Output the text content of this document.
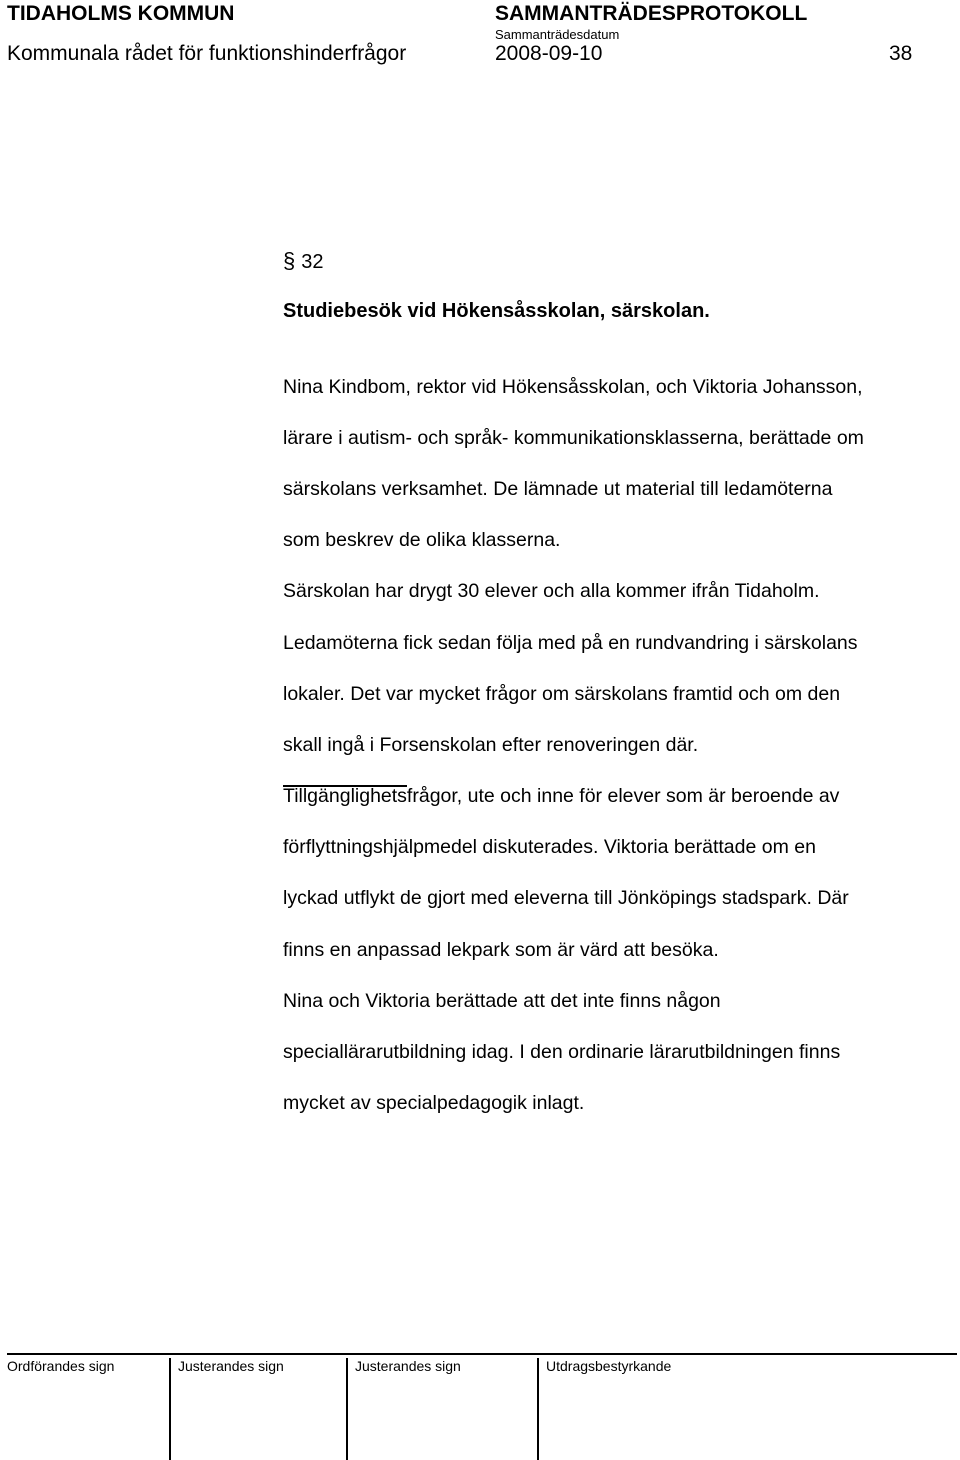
TIDAHOLMS KOMMUN	SAMMANTRÄDESPROTOKOLL
Sammanträdesdatum
Kommunala rådet för funktionshinderfrågor	2008-09-10	38
§ 32
Studiebesök vid Hökensåsskolan, särskolan.

Nina Kindbom, rektor vid Hökensåsskolan, och Viktoria Johansson,

lärare i autism- och språk- kommunikationsklasserna, berättade om

särskolans verksamhet. De lämnade ut material till ledamöterna

som beskrev de olika klasserna.

Särskolan har drygt 30 elever och alla kommer ifrån Tidaholm.

Ledamöterna fick sedan följa med på en rundvandring i särskolans

lokaler. Det var mycket frågor om särskolans framtid och om den

skall ingå i Forsenskolan efter renoveringen där.

Tillgänglighetsfrågor, ute och inne för elever som är beroende av

förflyttningshjälpmedel diskuterades. Viktoria berättade om en

lyckad utflykt de gjort med eleverna till Jönköpings stadspark. Där

finns en anpassad lekpark som är värd att besöka.

Nina och Viktoria berättade att det inte finns någon

speciallärarutbildning idag. I den ordinarie lärarutbildningen finns

mycket av specialpedagogik inlagt.

Ordförandes sign	Justerandes sign	Justerandes sign	Utdragsbestyrkande
